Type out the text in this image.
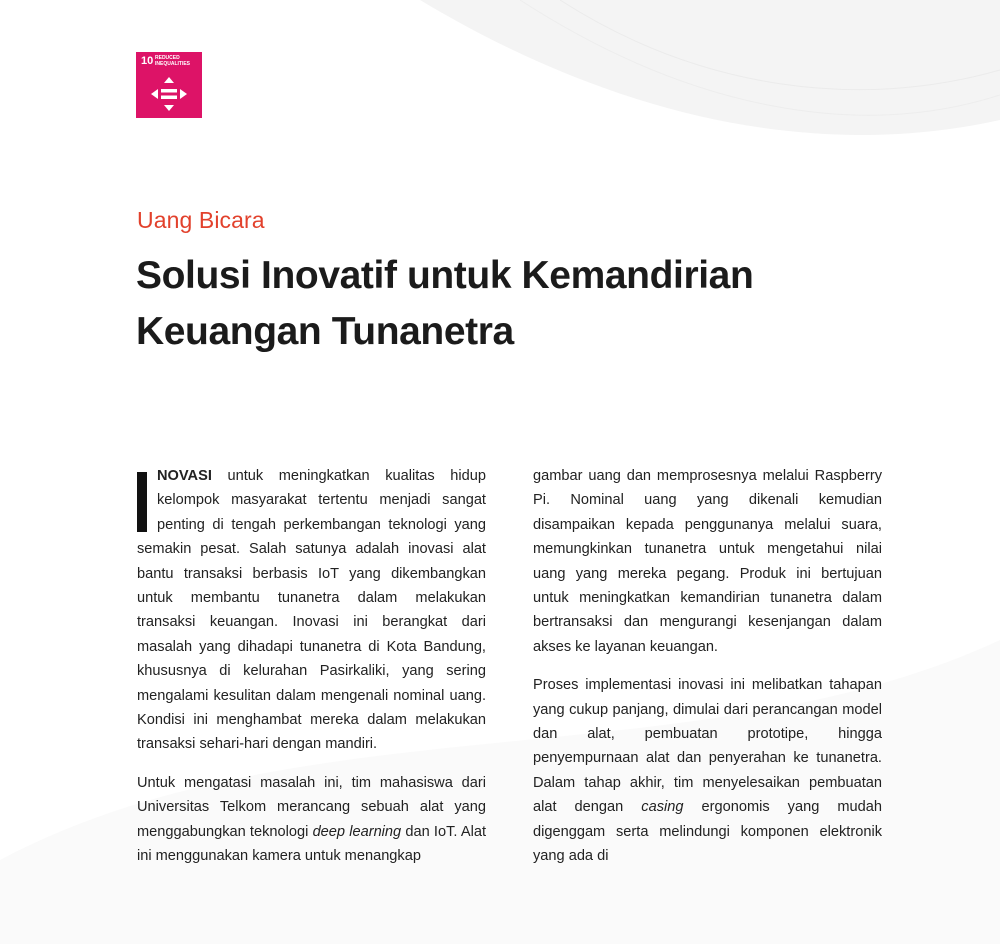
10 REDUCED
INEQUALITIES
Uang Bicara
Solusi Inovatif untuk Kemandirian Keuangan Tunanetra

NOVASI untuk meningkatkan kualitas hidup kelompok masyarakat tertentu menjadi sangat penting di tengah perkembangan teknologi yang semakin pesat. Salah satunya adalah inovasi alat bantu transaksi berbasis IoT yang dikembangkan untuk membantu tunanetra dalam melakukan transaksi keuangan. Inovasi ini berangkat dari masalah yang dihadapi tunanetra di Kota Bandung, khususnya di kelurahan Pasirkaliki, yang sering mengalami kesulitan dalam mengenali nominal uang. Kondisi ini menghambat mereka dalam melakukan transaksi sehari-hari dengan mandiri.

Untuk mengatasi masalah ini, tim mahasiswa dari Universitas Telkom merancang sebuah alat yang menggabungkan teknologi deep learning dan IoT. Alat ini menggunakan kamera untuk menangkap

gambar uang dan memprosesnya melalui Raspberry Pi. Nominal uang yang dikenali kemudian disampaikan kepada penggunanya melalui suara, memungkinkan tunanetra untuk mengetahui nilai uang yang mereka pegang. Produk ini bertujuan untuk meningkatkan kemandirian tunanetra dalam bertransaksi dan mengurangi kesenjangan dalam akses ke layanan keuangan.

Proses implementasi inovasi ini melibatkan tahapan yang cukup panjang, dimulai dari perancangan model dan alat, pembuatan prototipe, hingga penyempurnaan alat dan penyerahan ke tunanetra. Dalam tahap akhir, tim menyelesaikan pembuatan alat dengan casing ergonomis yang mudah digenggam serta melindungi komponen elektronik yang ada di
